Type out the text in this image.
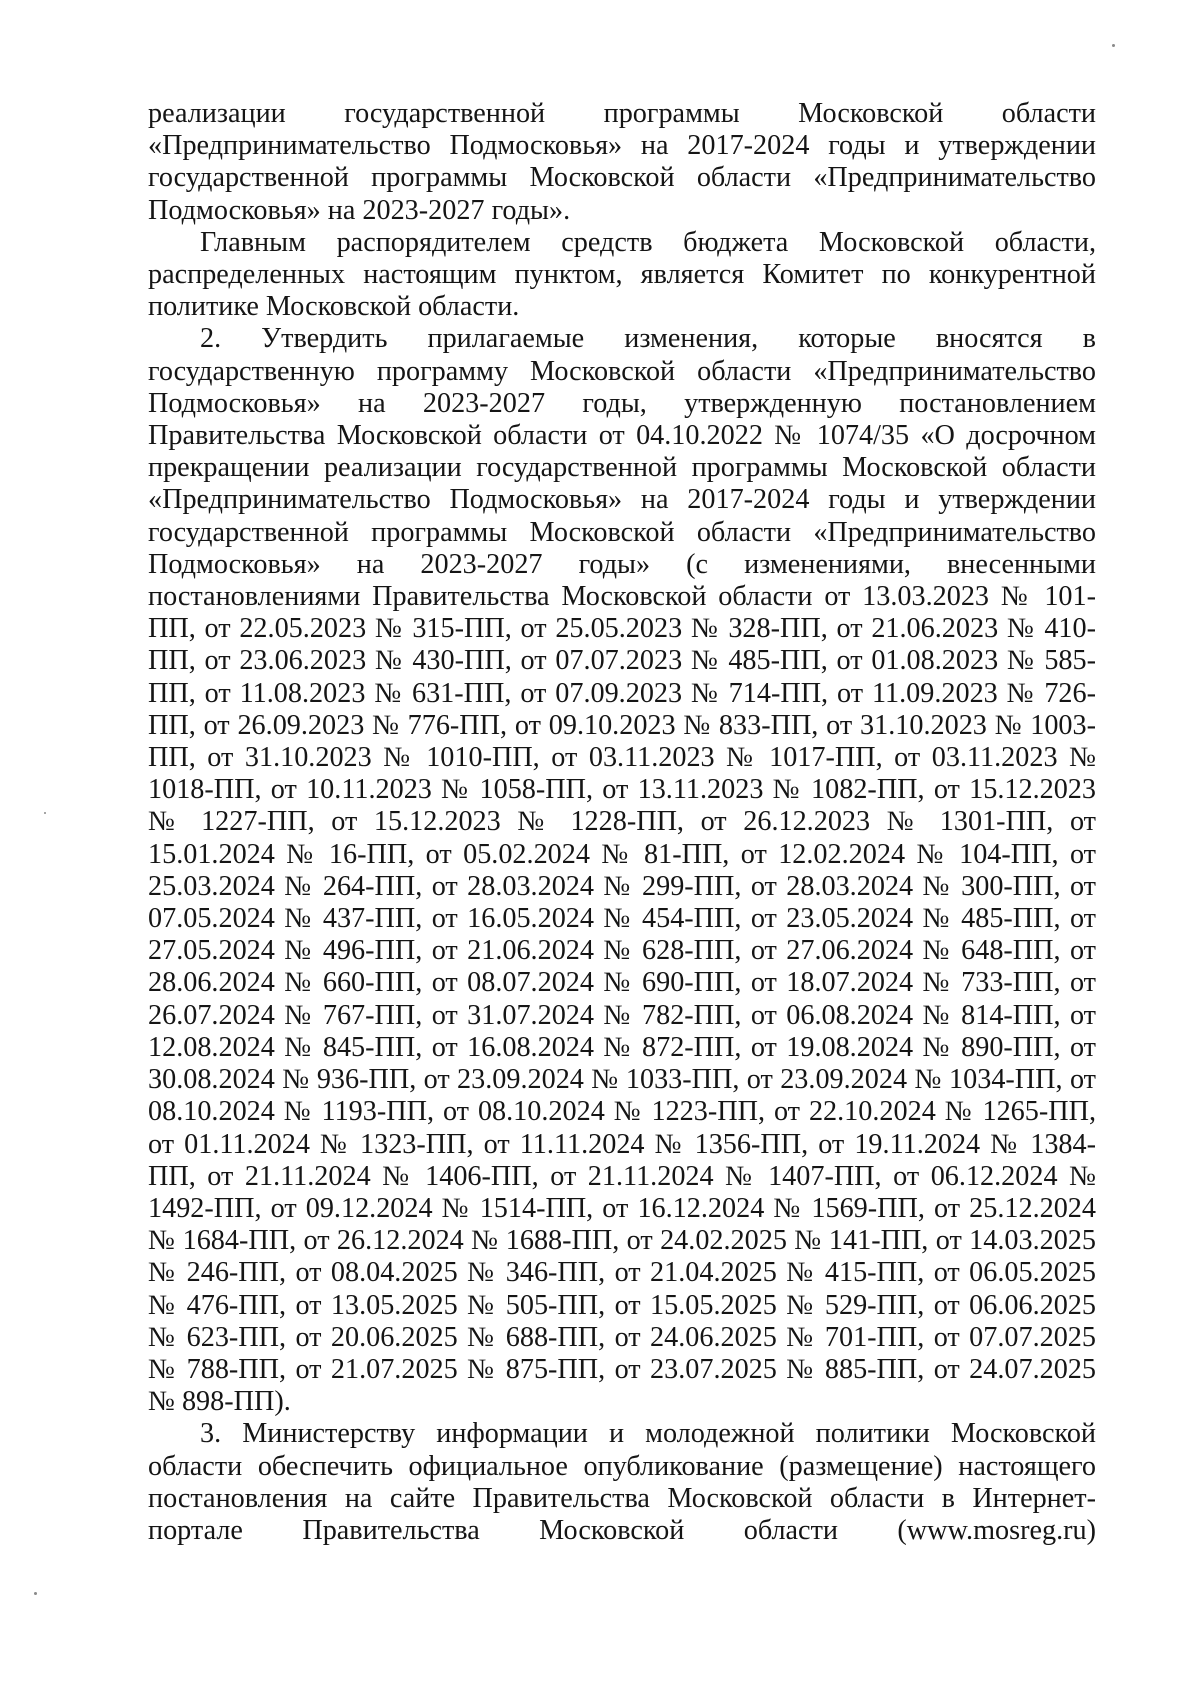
реализации государственной программы Московской области «Предпринимательство Подмосковья» на 2017-2024 годы и утверждении государственной программы Московской области «Предпринимательство Подмосковья» на 2023-2027 годы».

Главным распорядителем средств бюджета Московской области, распределенных настоящим пунктом, является Комитет по конкурентной политике Московской области.

2. Утвердить прилагаемые изменения, которые вносятся в государственную программу Московской области «Предпринимательство Подмосковья» на 2023-2027 годы, утвержденную постановлением Правительства Московской области от 04.10.2022 № 1074/35 «О досрочном прекращении реализации государственной программы Московской области «Предпринимательство Подмосковья» на 2017-2024 годы и утверждении государственной программы Московской области «Предпринимательство Подмосковья» на 2023-2027 годы» (с изменениями, внесенными постановлениями Правительства Московской области от 13.03.2023 № 101-ПП, от 22.05.2023 № 315-ПП, от 25.05.2023 № 328-ПП, от 21.06.2023 № 410-ПП, от 23.06.2023 № 430-ПП, от 07.07.2023 № 485-ПП, от 01.08.2023 № 585-ПП, от 11.08.2023 № 631-ПП, от 07.09.2023 № 714-ПП, от 11.09.2023 № 726-ПП, от 26.09.2023 № 776-ПП, от 09.10.2023 № 833-ПП, от 31.10.2023 № 1003-ПП, от 31.10.2023 № 1010-ПП, от 03.11.2023 № 1017-ПП, от 03.11.2023 № 1018-ПП, от 10.11.2023 № 1058-ПП, от 13.11.2023 № 1082-ПП, от 15.12.2023 № 1227-ПП, от 15.12.2023 № 1228-ПП, от 26.12.2023 № 1301-ПП, от 15.01.2024 № 16-ПП, от 05.02.2024 № 81-ПП, от 12.02.2024 № 104-ПП, от 25.03.2024 № 264-ПП, от 28.03.2024 № 299-ПП, от 28.03.2024 № 300-ПП, от 07.05.2024 № 437-ПП, от 16.05.2024 № 454-ПП, от 23.05.2024 № 485-ПП, от 27.05.2024 № 496-ПП, от 21.06.2024 № 628-ПП, от 27.06.2024 № 648-ПП, от 28.06.2024 № 660-ПП, от 08.07.2024 № 690-ПП, от 18.07.2024 № 733-ПП, от 26.07.2024 № 767-ПП, от 31.07.2024 № 782-ПП, от 06.08.2024 № 814-ПП, от 12.08.2024 № 845-ПП, от 16.08.2024 № 872-ПП, от 19.08.2024 № 890-ПП, от 30.08.2024 № 936-ПП, от 23.09.2024 № 1033-ПП, от 23.09.2024 № 1034-ПП, от 08.10.2024 № 1193-ПП, от 08.10.2024 № 1223-ПП, от 22.10.2024 № 1265-ПП, от 01.11.2024 № 1323-ПП, от 11.11.2024 № 1356-ПП, от 19.11.2024 № 1384-ПП, от 21.11.2024 № 1406-ПП, от 21.11.2024 № 1407-ПП, от 06.12.2024 № 1492-ПП, от 09.12.2024 № 1514-ПП, от 16.12.2024 № 1569-ПП, от 25.12.2024 № 1684-ПП, от 26.12.2024 № 1688-ПП, от 24.02.2025 № 141-ПП, от 14.03.2025 № 246-ПП, от 08.04.2025 № 346-ПП, от 21.04.2025 № 415-ПП, от 06.05.2025 № 476-ПП, от 13.05.2025 № 505-ПП, от 15.05.2025 № 529-ПП, от 06.06.2025 № 623-ПП, от 20.06.2025 № 688-ПП, от 24.06.2025 № 701-ПП, от 07.07.2025 № 788-ПП, от 21.07.2025 № 875-ПП, от 23.07.2025 № 885-ПП, от 24.07.2025 № 898-ПП).

3. Министерству информации и молодежной политики Московской области обеспечить официальное опубликование (размещение) настоящего постановления на сайте Правительства Московской области в Интернет-портале Правительства Московской области (www.mosreg.ru)
